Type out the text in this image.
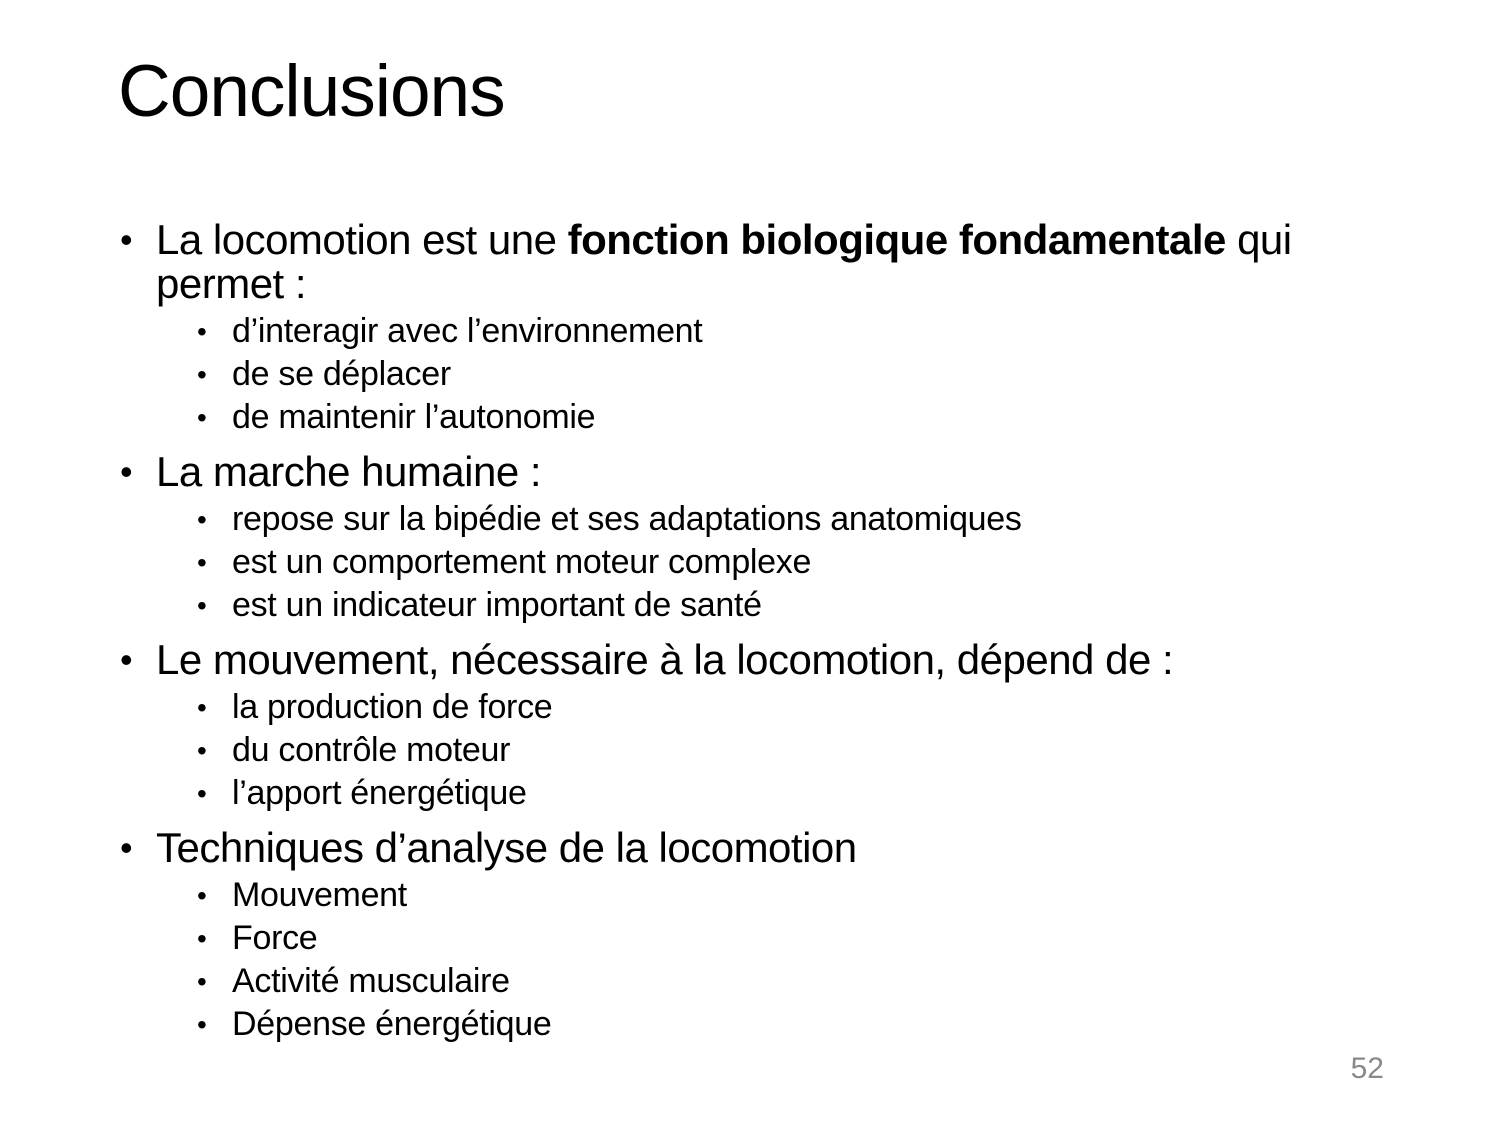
Conclusions
• La locomotion est une fonction biologique fondamentale qui permet :
• d’interagir avec l’environnement
• de se déplacer
• de maintenir l’autonomie
• La marche humaine :
• repose sur la bipédie et ses adaptations anatomiques
• est un comportement moteur complexe
• est un indicateur important de santé
• Le mouvement, nécessaire à la locomotion, dépend de :
• la production de force
• du contrôle moteur
• l’apport énergétique
• Techniques d’analyse de la locomotion
• Mouvement
• Force
• Activité musculaire
• Dépense énergétique
52
